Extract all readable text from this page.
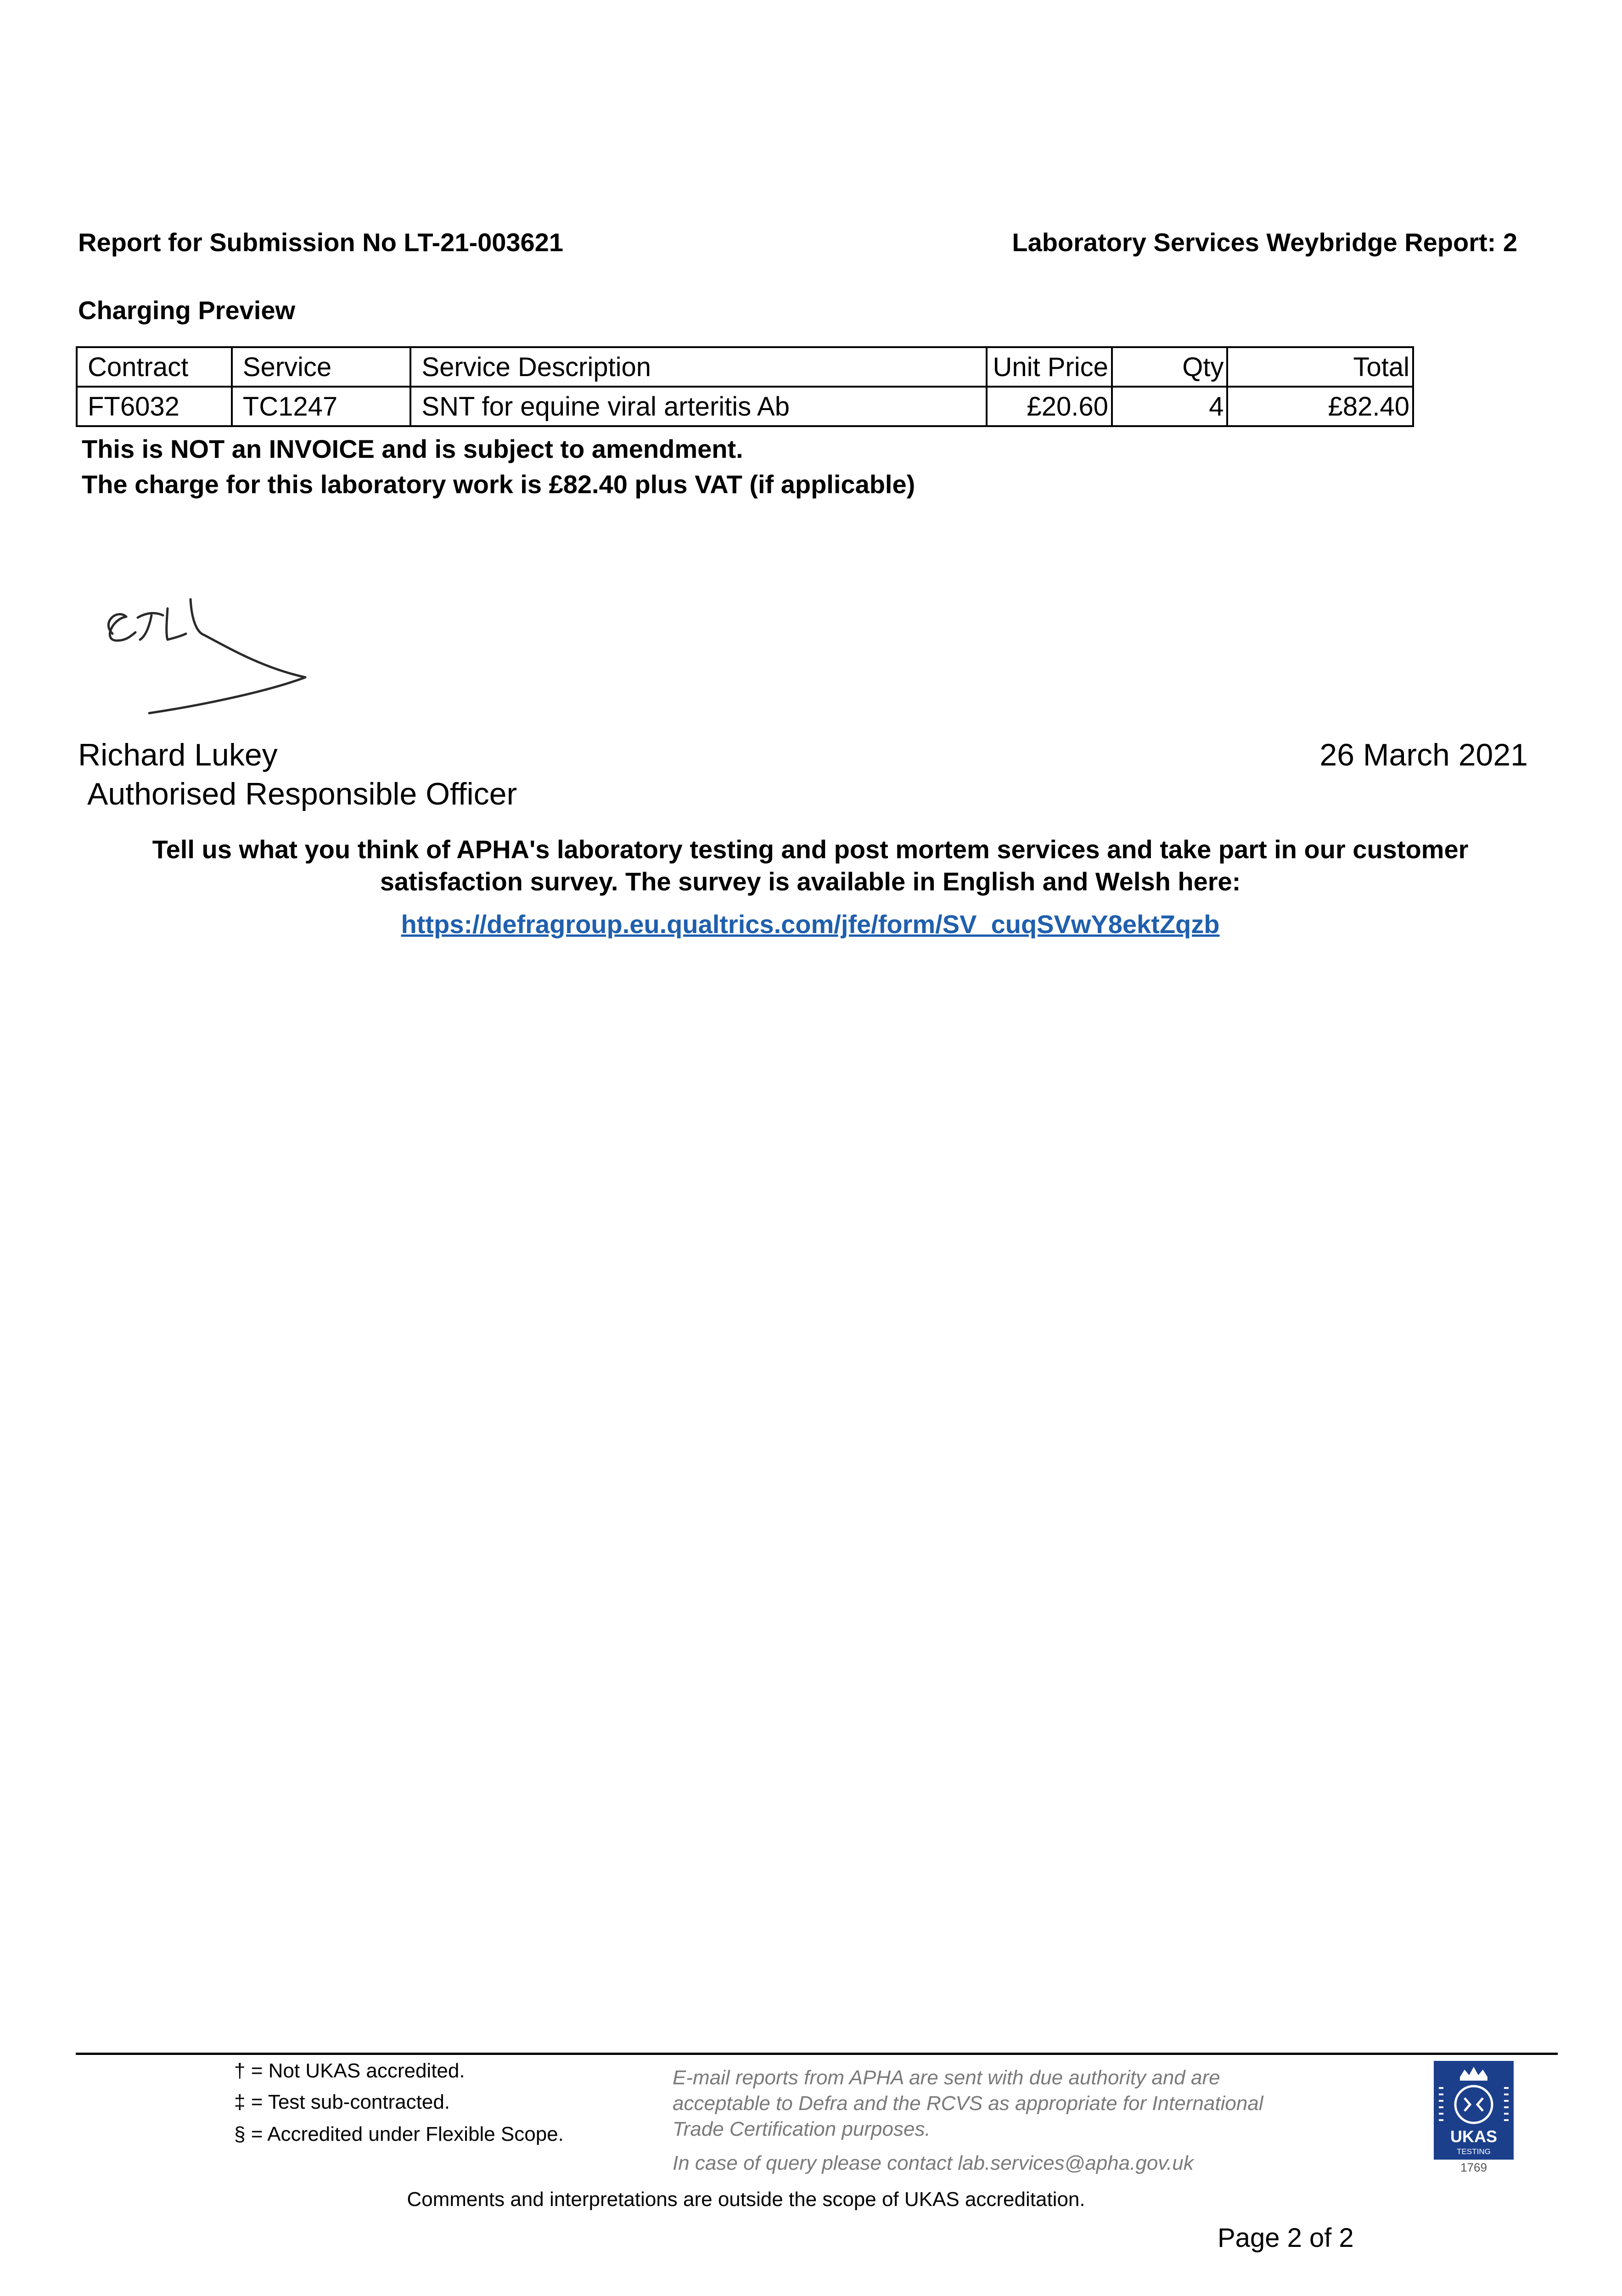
Report for Submission No LT-21-003621	Laboratory Services Weybridge Report: 2
Charging Preview
Contract	Service	Service Description	Unit Price	Qty	Total
FT6032	TC1247	SNT for equine viral arteritis Ab	£20.60	4	£82.40
This is NOT an INVOICE and is subject to amendment.
The charge for this laboratory work is £82.40 plus VAT (if applicable)
Richard Lukey
Authorised Responsible Officer
26 March 2021
Tell us what you think of APHA's laboratory testing and post mortem services and take part in our customer satisfaction survey. The survey is available in English and Welsh here:
https://defragroup.eu.qualtrics.com/jfe/form/SV_cuqSVwY8ektZqzb
† = Not UKAS accredited.
‡ = Test sub-contracted.
§ = Accredited under Flexible Scope.
E-mail reports from APHA are sent with due authority and are
acceptable to Defra and the RCVS as appropriate for International
Trade Certification purposes.
In case of query please contact lab.services@apha.gov.uk
UKAS
TESTING
1769
Comments and interpretations are outside the scope of UKAS accreditation.
Page 2 of 2
